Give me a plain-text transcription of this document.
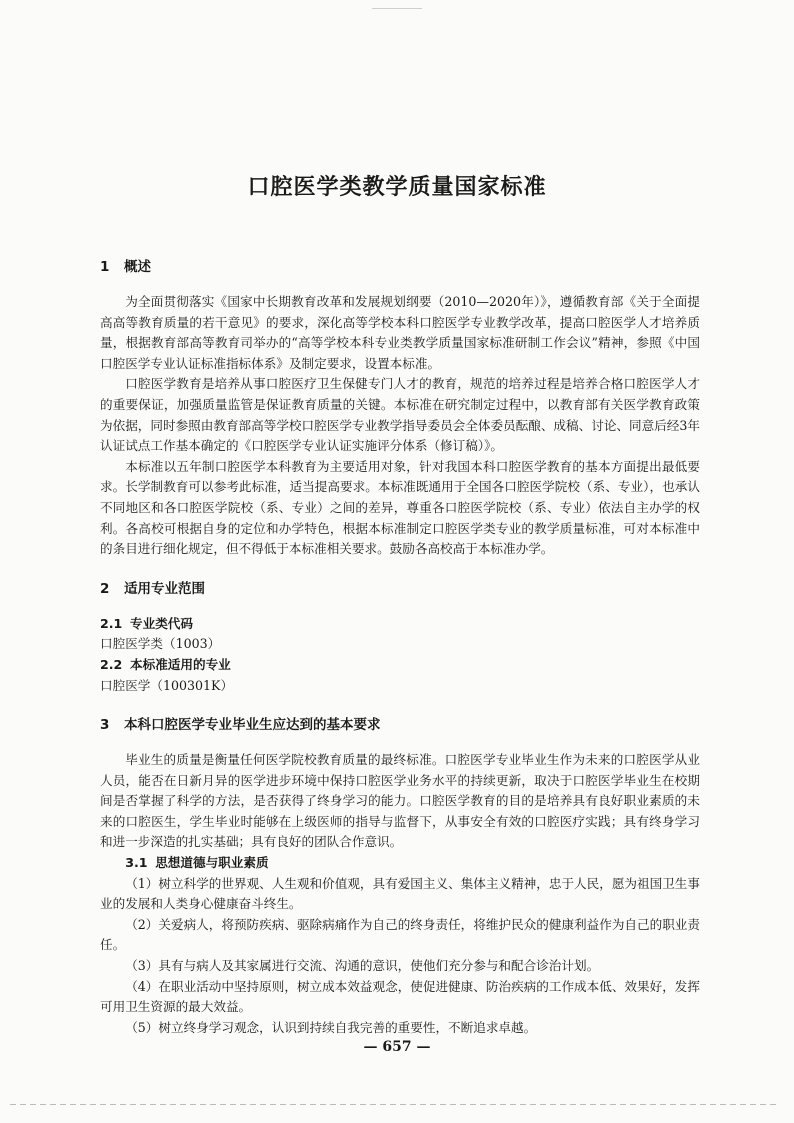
口腔医学类教学质量国家标准
1 概述

为全面贯彻落实《国家中长期教育改革和发展规划纲要（2010—2020年）》，遵循教育部《关于全面提高高等教育质量的若干意见》的要求，深化高等学校本科口腔医学专业教学改革，提高口腔医学人才培养质量，根据教育部高等教育司举办的“高等学校本科专业类教学质量国家标准研制工作会议”精神，参照《中国口腔医学专业认证标准指标体系》及制定要求，设置本标准。

口腔医学教育是培养从事口腔医疗卫生保健专门人才的教育，规范的培养过程是培养合格口腔医学人才的重要保证，加强质量监管是保证教育质量的关键。本标准在研究制定过程中，以教育部有关医学教育政策为依据，同时参照由教育部高等学校口腔医学专业教学指导委员会全体委员酝酿、成稿、讨论、同意后经3年认证试点工作基本确定的《口腔医学专业认证实施评分体系（修订稿）》。

本标准以五年制口腔医学本科教育为主要适用对象，针对我国本科口腔医学教育的基本方面提出最低要求。长学制教育可以参考此标准，适当提高要求。本标准既通用于全国各口腔医学院校（系、专业），也承认不同地区和各口腔医学院校（系、专业）之间的差异，尊重各口腔医学院校（系、专业）依法自主办学的权利。各高校可根据自身的定位和办学特色，根据本标准制定口腔医学类专业的教学质量标准，可对本标准中的条目进行细化规定，但不得低于本标准相关要求。鼓励各高校高于本标准办学。

2 适用专业范围
2.1 专业类代码

口腔医学类（1003）

2.2 本标准适用的专业

口腔医学（100301K）

3 本科口腔医学专业毕业生应达到的基本要求

毕业生的质量是衡量任何医学院校教育质量的最终标准。口腔医学专业毕业生作为未来的口腔医学从业人员，能否在日新月异的医学进步环境中保持口腔医学业务水平的持续更新，取决于口腔医学毕业生在校期间是否掌握了科学的方法，是否获得了终身学习的能力。口腔医学教育的目的是培养具有良好职业素质的未来的口腔医生，学生毕业时能够在上级医师的指导与监督下，从事安全有效的口腔医疗实践；具有终身学习和进一步深造的扎实基础；具有良好的团队合作意识。

3.1 思想道德与职业素质

（1）树立科学的世界观、人生观和价值观，具有爱国主义、集体主义精神，忠于人民，愿为祖国卫生事业的发展和人类身心健康奋斗终生。

（2）关爱病人，将预防疾病、驱除病痛作为自己的终身责任，将维护民众的健康利益作为自己的职业责任。

（3）具有与病人及其家属进行交流、沟通的意识，使他们充分参与和配合诊治计划。

（4）在职业活动中坚持原则，树立成本效益观念，使促进健康、防治疾病的工作成本低、效果好，发挥可用卫生资源的最大效益。

（5）树立终身学习观念，认识到持续自我完善的重要性，不断追求卓越。

— 657 —
